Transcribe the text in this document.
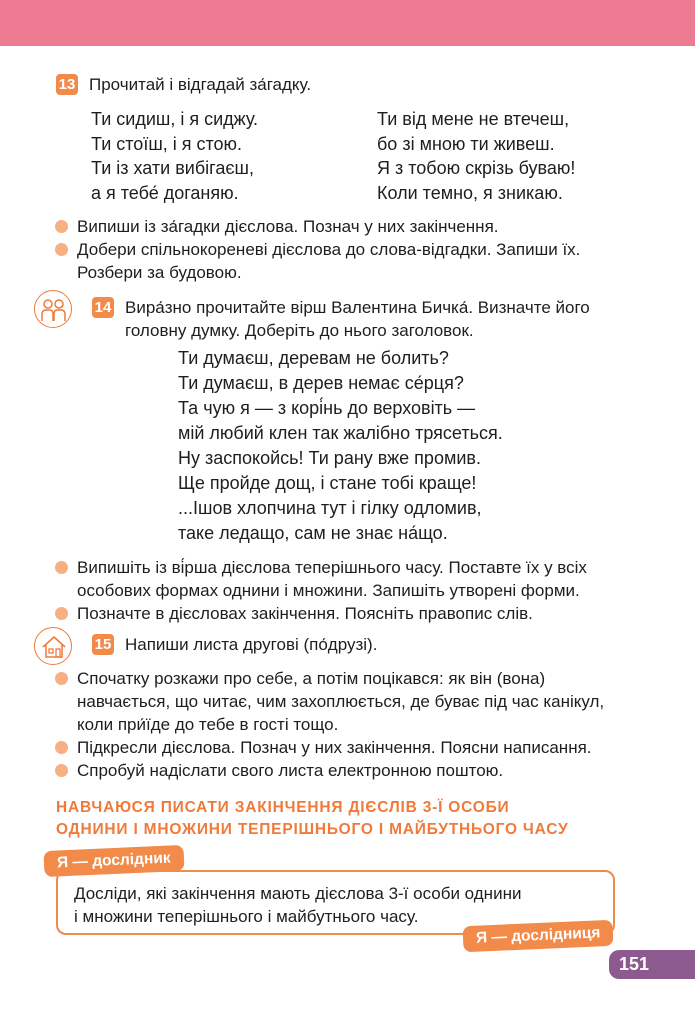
13 Прочитай і відгадай за́гадку.
Ти сидиш, і я сиджу.
Ти стоїш, і я стою.
Ти із хати вибігаєш,
а я тебе́ доганяю.
Ти від мене не втечеш,
бо зі мною ти живеш.
Я з тобою скрізь буваю!
Коли темно, я зникаю.
Випиши із за́гадки дієслова. Познач у них закінчення.
Добери спільнокореневі дієслова до слова-відгадки. Запиши їх.
Розбери за будовою.
14 Вира́зно прочитайте вірш Валентина Бичка́. Визначте його
головну думку. Доберіть до нього заголовок.
Ти думаєш, деревам не болить?
Ти думаєш, в дерев немає се́рця?
Та чую я — з корі́нь до верховіть —
мій любий клен так жалібно трясеться.
Ну заспокойсь! Ти рану вже промив.
Ще пройде дощ, і стане тобі краще!
...Ішов хлопчина тут і гілку одломив,
таке ледащо, сам не знає на́що.
Випишіть із ві́рша дієслова теперішнього часу. Поставте їх у всіх
особових формах однини і множини. Запишіть утворені форми.
Позначте в дієсловах закінчення. Поясніть правопис слів.
15 Напиши листа другові (по́друзі).
Спочатку розкажи про себе, а потім поцікався: як він (вона)
навчається, що читає, чим захоплюється, де буває під час канікул,
коли при́їде до тебе в гості тощо.
Підкресли дієслова. Познач у них закінчення. Поясни написання.
Спробуй надіслати свого листа електронною поштою.
НАВЧАЮСЯ ПИСАТИ ЗАКІНЧЕННЯ ДІЄСЛІВ 3-Ї ОСОБИ
ОДНИНИ І МНОЖИНИ ТЕПЕРІШНЬОГО І МАЙБУТНЬОГО ЧАСУ
Я — дослідник
Досліди, які закінчення мають дієслова 3-ї особи однини
і множини теперішнього і майбутнього часу.
Я — дослідниця
151
